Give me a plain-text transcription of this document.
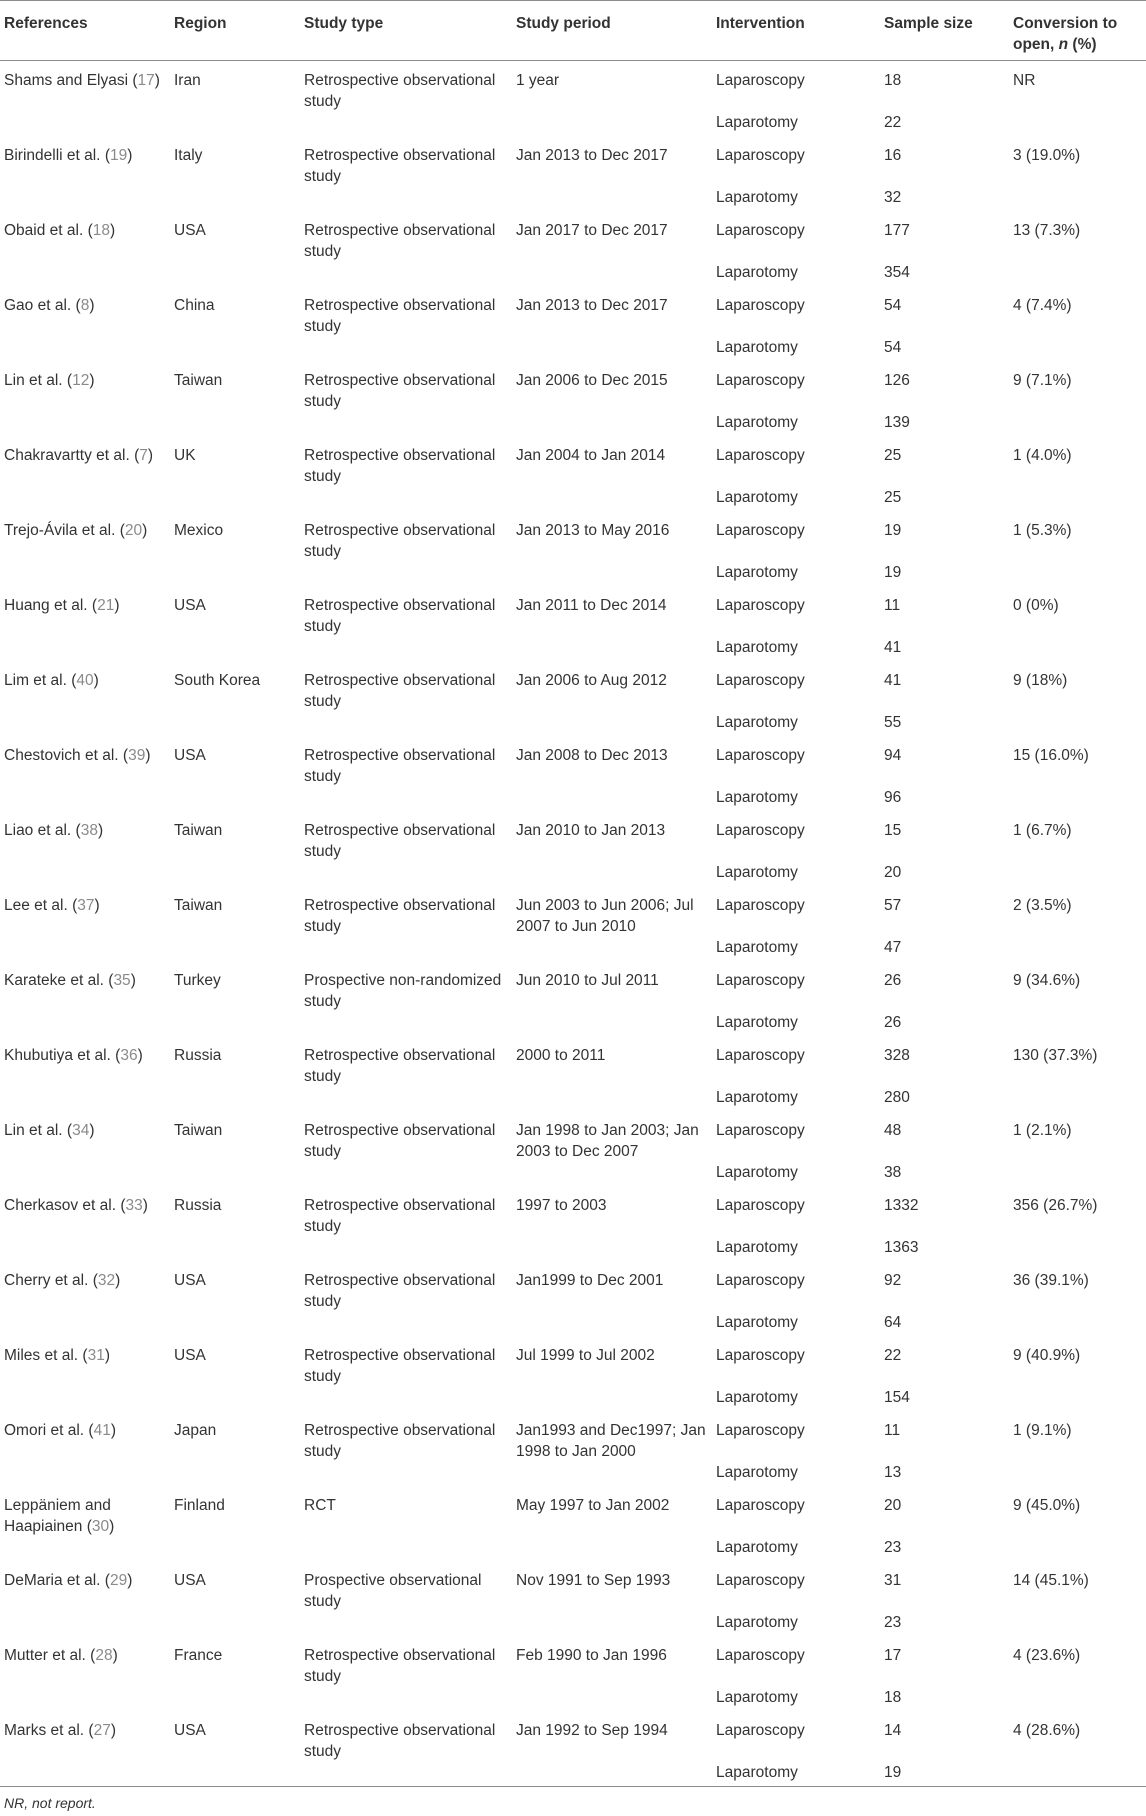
References	Region	Study type	Study period	Intervention	Sample size	Conversion to open, n (%)
Shams and Elyasi (17)	Iran	Retrospective observational study	1 year	Laparoscopy	18	NR
				Laparotomy	22	
Birindelli et al. (19)	Italy	Retrospective observational study	Jan 2013 to Dec 2017	Laparoscopy	16	3 (19.0%)
				Laparotomy	32	
Obaid et al. (18)	USA	Retrospective observational study	Jan 2017 to Dec 2017	Laparoscopy	177	13 (7.3%)
				Laparotomy	354	
Gao et al. (8)	China	Retrospective observational study	Jan 2013 to Dec 2017	Laparoscopy	54	4 (7.4%)
				Laparotomy	54	
Lin et al. (12)	Taiwan	Retrospective observational study	Jan 2006 to Dec 2015	Laparoscopy	126	9 (7.1%)
				Laparotomy	139	
Chakravartty et al. (7)	UK	Retrospective observational study	Jan 2004 to Jan 2014	Laparoscopy	25	1 (4.0%)
				Laparotomy	25	
Trejo-Ávila et al. (20)	Mexico	Retrospective observational study	Jan 2013 to May 2016	Laparoscopy	19	1 (5.3%)
				Laparotomy	19	
Huang et al. (21)	USA	Retrospective observational study	Jan 2011 to Dec 2014	Laparoscopy	11	0 (0%)
				Laparotomy	41	
Lim et al. (40)	South Korea	Retrospective observational study	Jan 2006 to Aug 2012	Laparoscopy	41	9 (18%)
				Laparotomy	55	
Chestovich et al. (39)	USA	Retrospective observational study	Jan 2008 to Dec 2013	Laparoscopy	94	15 (16.0%)
				Laparotomy	96	
Liao et al. (38)	Taiwan	Retrospective observational study	Jan 2010 to Jan 2013	Laparoscopy	15	1 (6.7%)
				Laparotomy	20	
Lee et al. (37)	Taiwan	Retrospective observational study	Jun 2003 to Jun 2006; Jul 2007 to Jun 2010	Laparoscopy	57	2 (3.5%)
				Laparotomy	47	
Karateke et al. (35)	Turkey	Prospective non-randomized study	Jun 2010 to Jul 2011	Laparoscopy	26	9 (34.6%)
				Laparotomy	26	
Khubutiya et al. (36)	Russia	Retrospective observational study	2000 to 2011	Laparoscopy	328	130 (37.3%)
				Laparotomy	280	
Lin et al. (34)	Taiwan	Retrospective observational study	Jan 1998 to Jan 2003; Jan 2003 to Dec 2007	Laparoscopy	48	1 (2.1%)
				Laparotomy	38	
Cherkasov et al. (33)	Russia	Retrospective observational study	1997 to 2003	Laparoscopy	1332	356 (26.7%)
				Laparotomy	1363	
Cherry et al. (32)	USA	Retrospective observational study	Jan1999 to Dec 2001	Laparoscopy	92	36 (39.1%)
				Laparotomy	64	
Miles et al. (31)	USA	Retrospective observational study	Jul 1999 to Jul 2002	Laparoscopy	22	9 (40.9%)
				Laparotomy	154	
Omori et al. (41)	Japan	Retrospective observational study	Jan1993 and Dec1997; Jan 1998 to Jan 2000	Laparoscopy	11	1 (9.1%)
				Laparotomy	13	
Leppäniem and Haapiainen (30)	Finland	RCT	May 1997 to Jan 2002	Laparoscopy	20	9 (45.0%)
				Laparotomy	23	
DeMaria et al. (29)	USA	Prospective observational study	Nov 1991 to Sep 1993	Laparoscopy	31	14 (45.1%)
				Laparotomy	23	
Mutter et al. (28)	France	Retrospective observational study	Feb 1990 to Jan 1996	Laparoscopy	17	4 (23.6%)
				Laparotomy	18	
Marks et al. (27)	USA	Retrospective observational study	Jan 1992 to Sep 1994	Laparoscopy	14	4 (28.6%)
				Laparotomy	19	
NR, not report.
